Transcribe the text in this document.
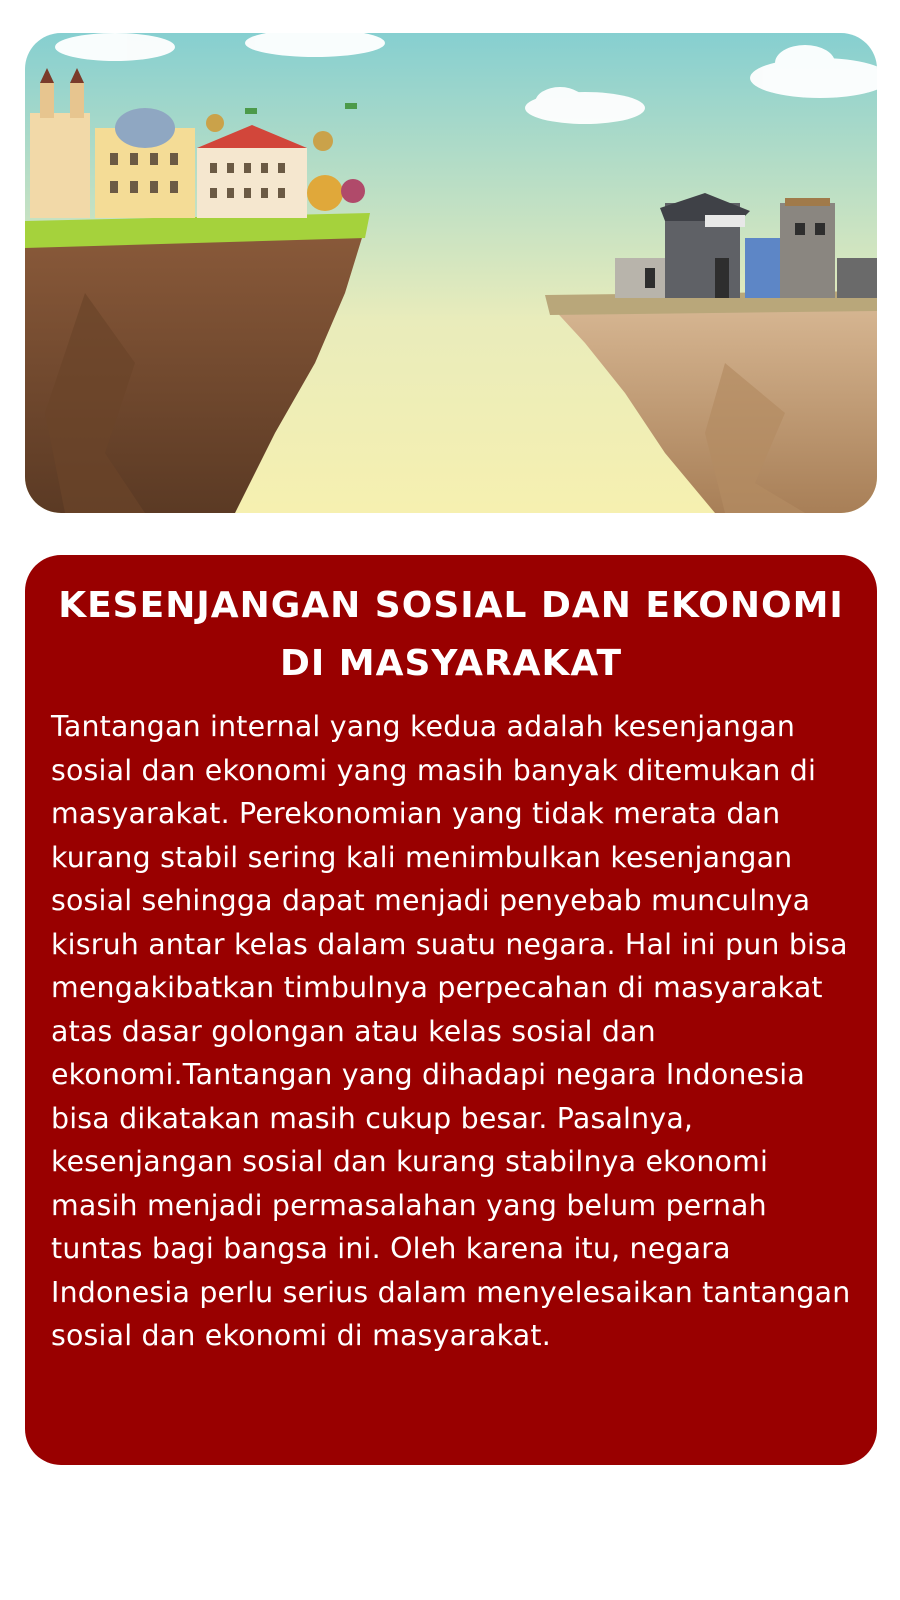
KESENJANGAN SOSIAL DAN EKONOMI DI MASYARAKAT

Tantangan internal yang kedua adalah kesenjangan sosial dan ekonomi yang masih banyak ditemukan di masyarakat. Perekonomian yang tidak merata dan kurang stabil sering kali menimbulkan kesenjangan sosial sehingga dapat menjadi penyebab munculnya kisruh antar kelas dalam suatu negara. Hal ini pun bisa mengakibatkan timbulnya perpecahan di masyarakat atas dasar golongan atau kelas sosial dan ekonomi.Tantangan yang dihadapi negara Indonesia bisa dikatakan masih cukup besar. Pasalnya, kesenjangan sosial dan kurang stabilnya ekonomi masih menjadi permasalahan yang belum pernah tuntas bagi bangsa ini. Oleh karena itu, negara Indonesia perlu serius dalam menyelesaikan tantangan sosial dan ekonomi di masyarakat.
